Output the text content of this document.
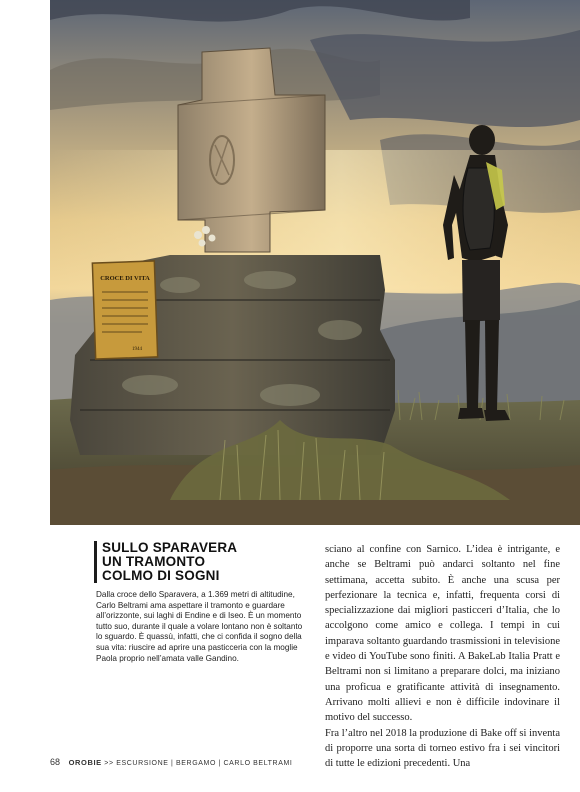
CROCE DI VITA
1944
SULLO SPARAVERA
UN TRAMONTO
COLMO DI SOGNI

Dalla croce dello Sparavera, a 1.369 metri di altitudine, Carlo Beltrami ama aspettare il tramonto e guardare all’orizzonte, sui laghi di Endine e di Iseo. È un momento tutto suo, durante il quale a volare lontano non è soltanto lo sguardo. È quassù, infatti, che ci confida il sogno della sua vita: riuscire ad aprire una pasticceria con la moglie Paola proprio nell’amata valle Gandino.

sciano al confine con Sarnico. L’idea è intrigante, e anche se Beltrami può andarci soltanto nel fine settimana, accetta subito. È anche una scusa per perfezionare la tecnica e, infatti, frequenta corsi di specializzazione dai migliori pasticceri d’Italia, che lo accolgono come amico e collega. I tempi in cui imparava soltanto guardando trasmissioni in televisione e video di YouTube sono finiti. A BakeLab Italia Pratt e Beltrami non si limitano a preparare dolci, ma iniziano una proficua e gratificante attività di insegnamento. Arrivano molti allievi e non è difficile indovinare il motivo del successo.

Fra l’altro nel 2018 la produzione di Bake off si inventa di proporre una sorta di torneo estivo fra i sei vincitori di tutte le edizioni precedenti. Una

68 OROBIE >> ESCURSIONE | BERGAMO | CARLO BELTRAMI
